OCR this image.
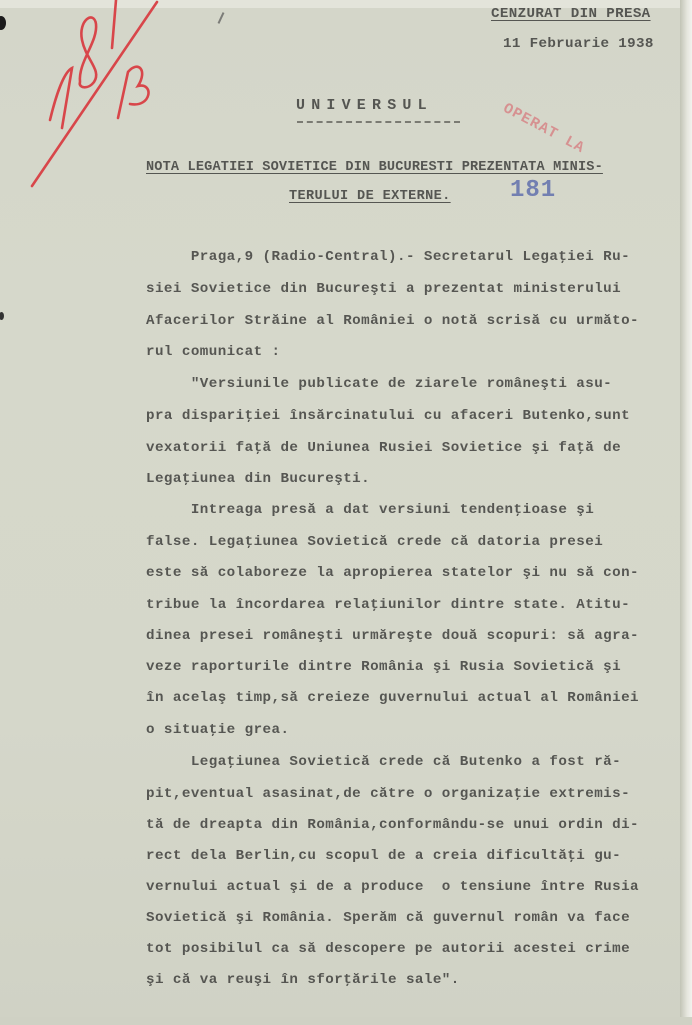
CENZURAT DIN PRESA
11 Februarie 1938
UNIVERSUL	OPERAT LA
NOTA LEGATIEI SOVIETICE DIN BUCURESTI PREZENTATA MINIS-
TERULUI DE EXTERNE. 181
Praga,9 (Radio-Central).- Secretarul Legaţiei Ru-
siei Sovietice din Bucureşti a prezentat ministerului
Afacerilor Străine al României o notă scrisă cu următo-
rul comunicat :
"Versiunile publicate de ziarele româneşti asu-
pra dispariţiei însărcinatului cu afaceri Butenko,sunt
vexatorii faţă de Uniunea Rusiei Sovietice şi faţă de
Legaţiunea din Bucureşti.
Intreaga presă a dat versiuni tendenţioase şi
false. Legaţiunea Sovietică crede că datoria presei
este să colaboreze la apropierea statelor şi nu să con-
tribue la încordarea relaţiunilor dintre state. Atitu-
dinea presei româneşti urmăreşte două scopuri: să agra-
veze raporturile dintre România şi Rusia Sovietică şi
în acelaş timp,să creieze guvernului actual al României
o situaţie grea.
Legaţiunea Sovietică crede că Butenko a fost ră-
pit,eventual asasinat,de către o organizaţie extremis-
tă de dreapta din România,conformându-se unui ordin di-
rect dela Berlin,cu scopul de a creia dificultăţi gu-
vernului actual şi de a produce  o tensiune între Rusia
Sovietică şi România. Sperăm că guvernul român va face
tot posibilul ca să descopere pe autorii acestei crime
şi că va reuşi în sforţările sale".
